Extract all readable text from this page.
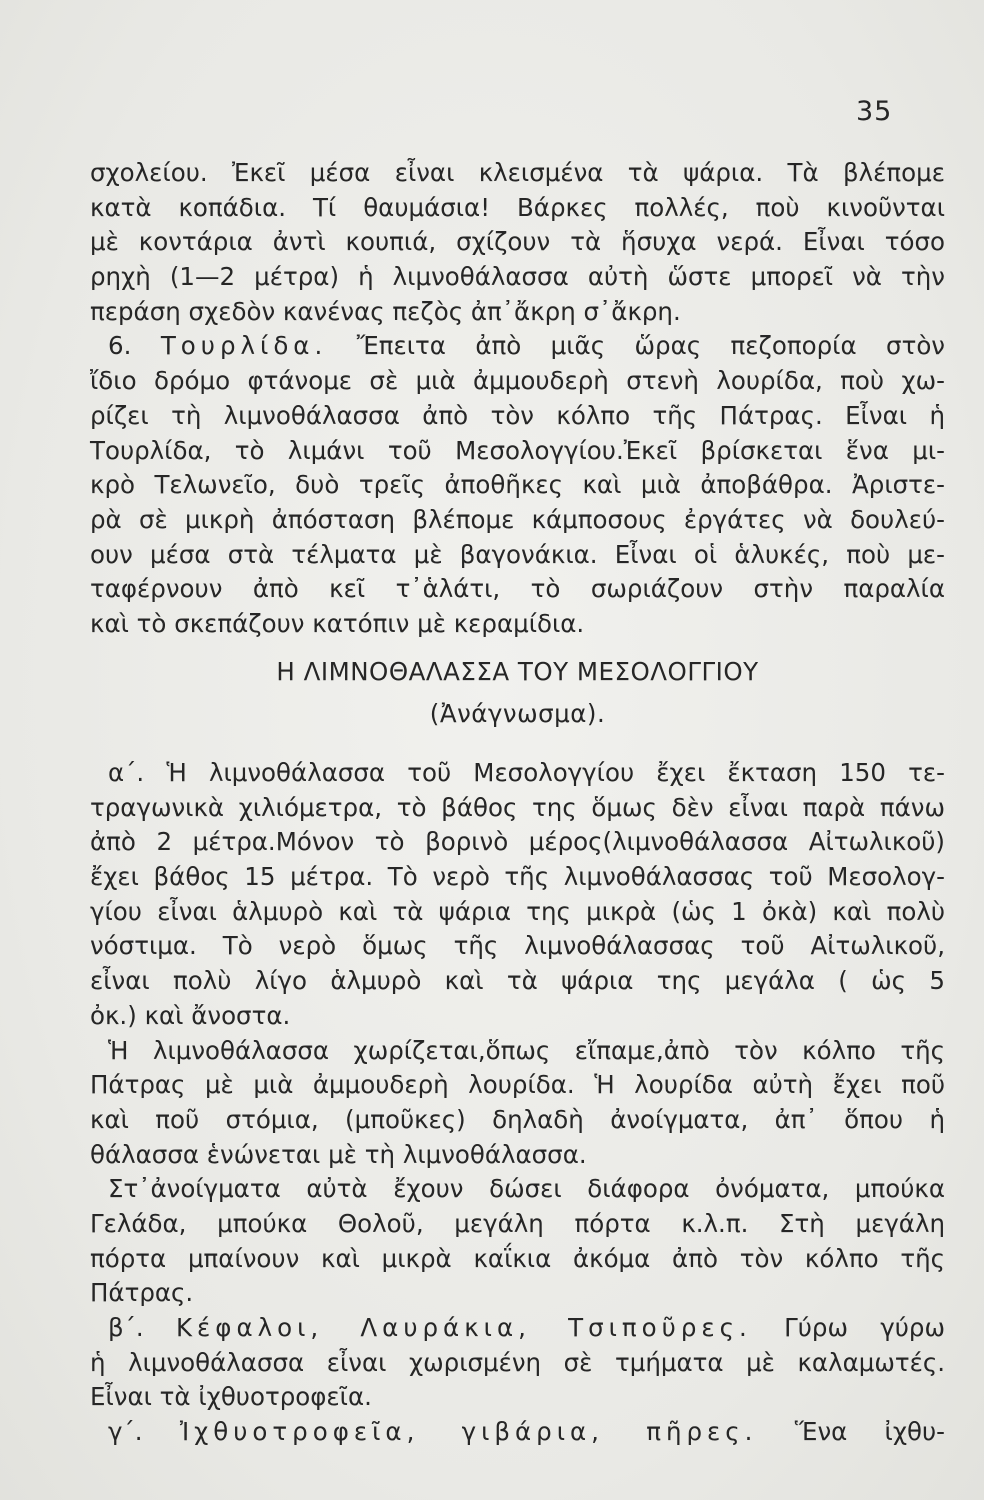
35
σχολείου. Ἐκεῖ μέσα εἶναι κλεισμένα τὰ ψάρια. Τὰ βλέπομε
κατὰ κοπάδια. Τί θαυμάσια! Βάρκες πολλές, ποὺ κινοῦνται
μὲ κοντάρια ἀντὶ κουπιά, σχίζουν τὰ ἥσυχα νερά. Εἶναι τόσο
ρηχὴ (1—2 μέτρα) ἡ λιμνοθάλασσα αὐτὴ ὥστε μπορεῖ νὰ τὴν
πεpάση σχεδὸν κανένας πεζὸς ἀπ᾿ἄκρη σ᾿ἄκρη.
6. Τουρλίδα. Ἔπειτα ἀπὸ μιᾶς ὥρας πεζοπορία στὸν
ἴδιο δρόμο φτάνομε σὲ μιὰ ἀμμουδερὴ στενὴ λουρίδα, ποὺ χω-
ρίζει τὴ λιμνοθάλασσα ἀπὸ τὸν κόλπο τῆς Πάτρας. Εἶναι ἡ
Τουρλίδα, τὸ λιμάνι τοῦ Μεσολογγίου.Ἐκεῖ βρίσκεται ἕνα μι-
κρὸ Τελωνεῖο, δυὸ τρεῖς ἀποθῆκες καὶ μιὰ ἀποβάθρα. Ἀριστε-
ρὰ σὲ μικρὴ ἀπόσταση βλέπομε κάμποσους ἐργάτες νὰ δουλεύ-
ουν μέσα στὰ τέλματα μὲ βαγονάκια. Εἶναι οἱ ἁλυκές, ποὺ με-
ταφέρνουν ἀπὸ κεῖ τ᾿ἁλάτι, τὸ σωριάζουν στὴν παραλία
καὶ τὸ σκεπάζουν κατόπιν μὲ κεραμίδια.
Η ΛΙΜΝΟΘΑΛΑΣΣΑ ΤΟΥ ΜΕΣΟΛΟΓΓΙΟΥ
(Ἀνάγνωσμα).
α΄. Ἡ λιμνοθάλασσα τοῦ Μεσολογγίου ἔχει ἔκταση 150 τε-
τραγωνικὰ χιλιόμετρα, τὸ βάθος της ὅμως δὲν εἶναι παρὰ πάνω
ἀπὸ 2 μέτρα.Μόνον τὸ βορινὸ μέρος(λιμνοθάλασσα Αἰτωλικοῦ)
ἔχει βάθος 15 μέτρα. Τὸ νερὸ τῆς λιμνοθάλασσας τοῦ Μεσολογ-
γίου εἶναι ἁλμυρὸ καὶ τὰ ψάρια της μικρὰ (ὡς 1 ὀκὰ) καὶ πολὺ
νόστιμα. Τὸ νερὸ ὅμως τῆς λιμνοθάλασσας τοῦ Αἰτωλικοῦ,
εἶναι πολὺ λίγο ἁλμυρὸ καὶ τὰ ψάρια της μεγάλα ( ὡς 5
ὀκ.) καὶ ἄνοστα.
Ἡ λιμνοθάλασσα χωρίζεται,ὅπως εἴπαμε,ἀπὸ τὸν κόλπο τῆς
Πάτρας μὲ μιὰ ἀμμουδερὴ λουρίδα. Ἡ λουρίδα αὐτὴ ἔχει ποῦ
καὶ ποῦ στόμια, (μποῦκες) δηλαδὴ ἀνοίγματα, ἀπ᾿ ὅπου ἡ
θάλασσα ἑνώνεται μὲ τὴ λιμνοθάλασσα.
Στ᾿ἀνοίγματα αὐτὰ ἔχουν δώσει διάφορα ὀνόματα, μπούκα
Γελάδα, μπούκα Θολοῦ, μεγάλη πόρτα κ.λ.π. Στὴ μεγάλη
πόρτα μπαίνουν καὶ μικρὰ καΐκια ἀκόμα ἀπὸ τὸν κόλπο τῆς
Πάτρας.
β΄. Κέφαλοι, Λαυράκια, Τσιποῦρες. Γύρω γύρω
ἡ λιμνοθάλασσα εἶναι χωρισμένη σὲ τμήματα μὲ καλαμωτές.
Εἶναι τὰ ἰχθυοτροφεῖα.
γ΄. Ἰχθυοτροφεῖα, γιβάρια, πῆρες. Ἕνα ἰχθυ-
